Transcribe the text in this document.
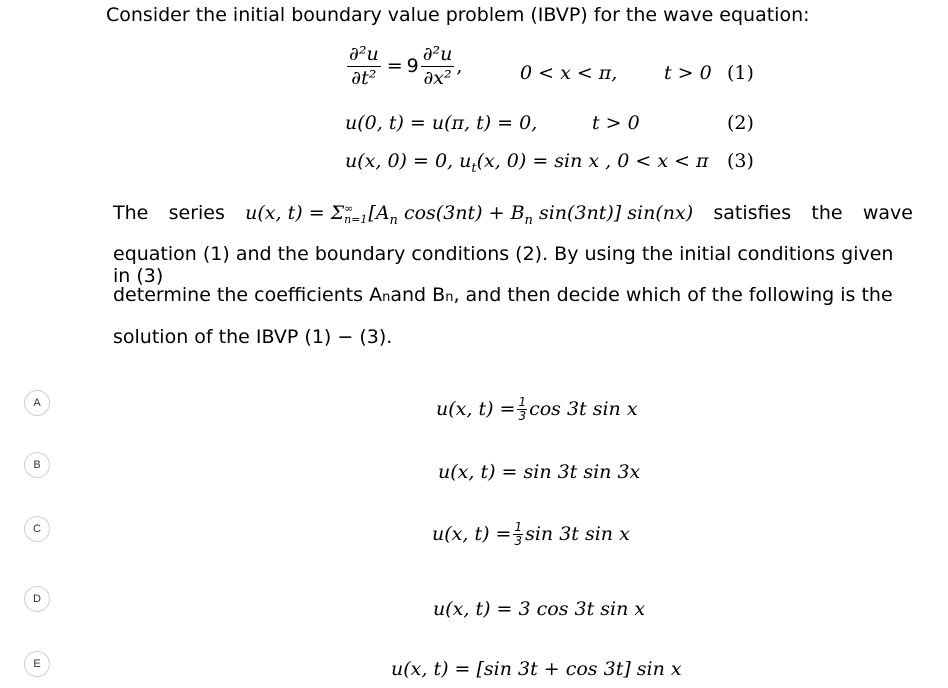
Consider the initial boundary value problem (IBVP) for the wave equation:
$\frac{\text{∂²u}}{\text{∂t²}} = 9 \frac{\text{∂²u}}{\text{∂x²}}$ ,	0 < x < π, t > 0 (1)
u(0, t) = u(π, t) = 0,	t > 0	(2)
u(x, 0) = 0, $u_t(x$, 0) = sin x , 0 < x < π (3)
The series u(x, t) = Σ ∞
n=1 [$A_n$ $\cos(3nt) + B_n$ sin(3nt)] sin(nx) satisfies the wave
equation (1) and the boundary conditions (2). By using the initial conditions given in (3)
determine the coefficients A n and B n , and then decide which of the following is the
solution of the IBVP (1) − (3).
A	u(x, $t) = \frac{1}{3}$ cos 3t sin x
B	u(x, t) = sin 3t sin 3x
C	u(x, $t) = \frac{1}{3}$ sin 3t sin x
D	u(x, t) = 3 cos 3t sin x
E	u(x, t) = [sin 3t + cos 3t] sin x
